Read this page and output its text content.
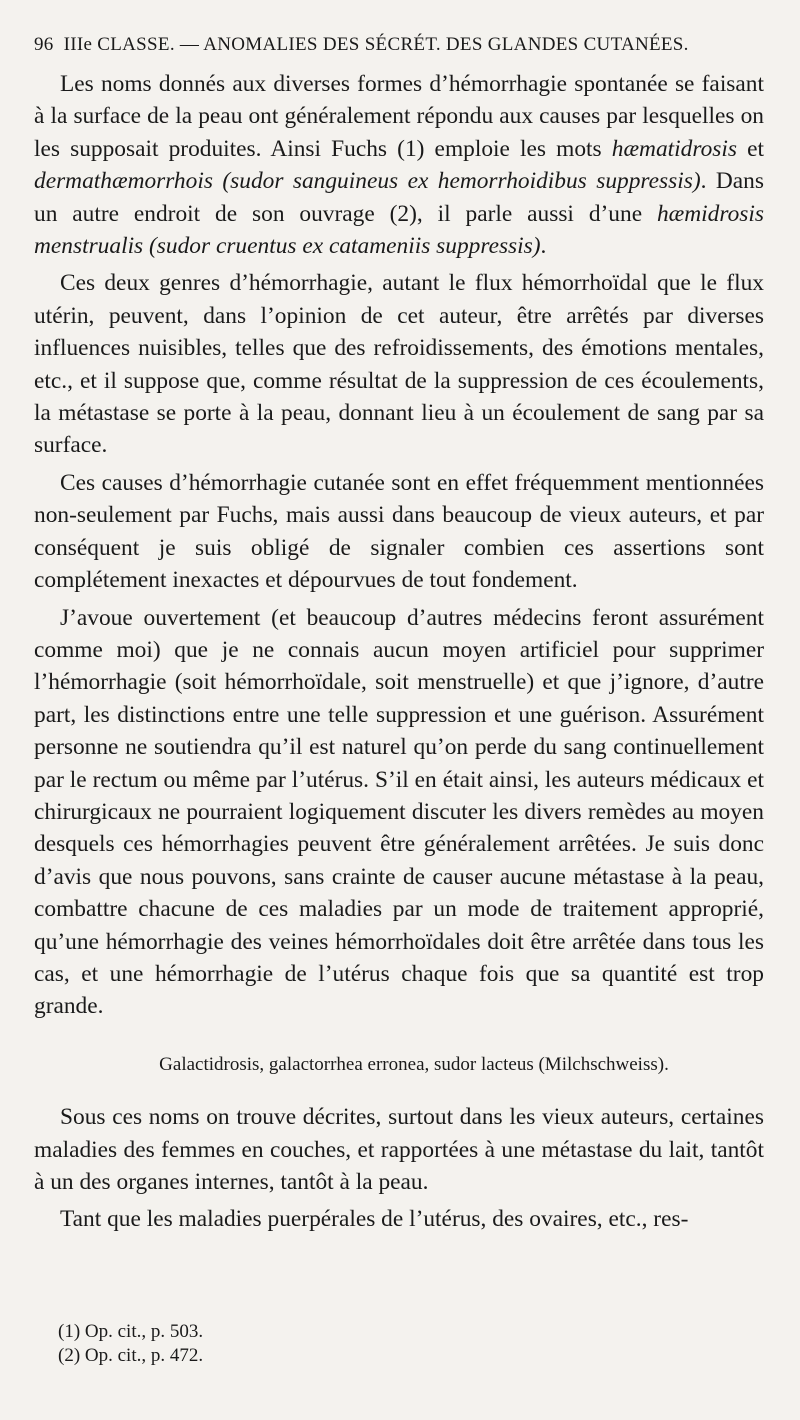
96 IIIe CLASSE. — ANOMALIES DES SÉCRÉT. DES GLANDES CUTANÉES.

Les noms donnés aux diverses formes d’hémorrhagie spontanée se faisant à la surface de la peau ont généralement répondu aux causes par lesquelles on les supposait produites. Ainsi Fuchs (1) emploie les mots hæmatidrosis et dermathæmorrhois (sudor sanguineus ex hemorrhoidibus suppressis). Dans un autre endroit de son ouvrage (2), il parle aussi d’une hæmidrosis menstrualis (sudor cruentus ex catameniis suppressis).

Ces deux genres d’hémorrhagie, autant le flux hémorrhoïdal que le flux utérin, peuvent, dans l’opinion de cet auteur, être arrêtés par diverses influences nuisibles, telles que des refroidissements, des émotions mentales, etc., et il suppose que, comme résultat de la suppression de ces écoulements, la métastase se porte à la peau, donnant lieu à un écoulement de sang par sa surface.

Ces causes d’hémorrhagie cutanée sont en effet fréquemment mentionnées non-seulement par Fuchs, mais aussi dans beaucoup de vieux auteurs, et par conséquent je suis obligé de signaler combien ces assertions sont complétement inexactes et dépourvues de tout fondement.

J’avoue ouvertement (et beaucoup d’autres médecins feront assurément comme moi) que je ne connais aucun moyen artificiel pour supprimer l’hémorrhagie (soit hémorrhoïdale, soit menstruelle) et que j’ignore, d’autre part, les distinctions entre une telle suppression et une guérison. Assurément personne ne soutiendra qu’il est naturel qu’on perde du sang continuellement par le rectum ou même par l’utérus. S’il en était ainsi, les auteurs médicaux et chirurgicaux ne pourraient logiquement discuter les divers remèdes au moyen desquels ces hémorrhagies peuvent être généralement arrêtées. Je suis donc d’avis que nous pouvons, sans crainte de causer aucune métastase à la peau, combattre chacune de ces maladies par un mode de traitement approprié, qu’une hémorrhagie des veines hémorrhoïdales doit être arrêtée dans tous les cas, et une hémorrhagie de l’utérus chaque fois que sa quantité est trop grande.

Galactidrosis, galactorrhea erronea, sudor lacteus (Milchschweiss).

Sous ces noms on trouve décrites, surtout dans les vieux auteurs, certaines maladies des femmes en couches, et rapportées à une métastase du lait, tantôt à un des organes internes, tantôt à la peau.

Tant que les maladies puerpérales de l’utérus, des ovaires, etc., res-

(1) Op. cit., p. 503.
(2) Op. cit., p. 472.
